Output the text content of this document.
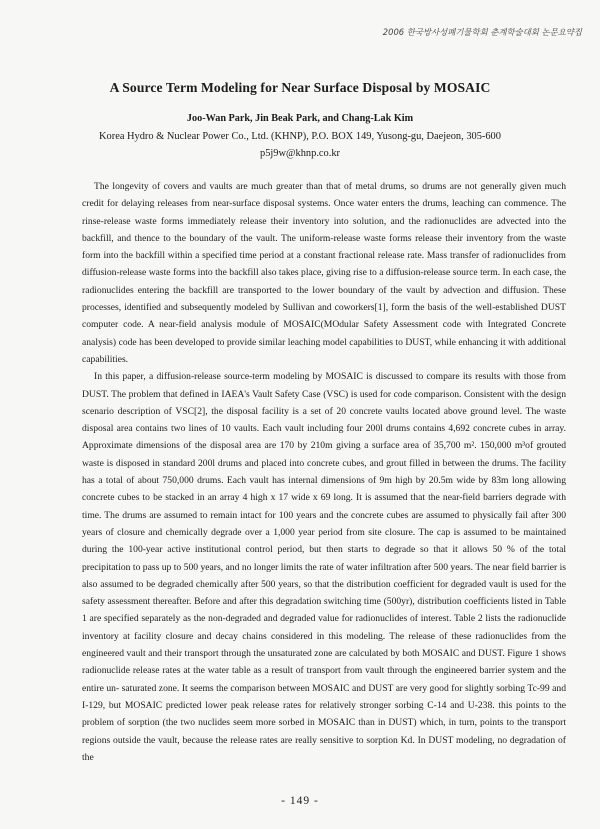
2006 한국방사성폐기물학회 춘계학술대회 논문요약집
A Source Term Modeling for Near Surface Disposal by MOSAIC
Joo-Wan Park, Jin Beak Park, and Chang-Lak Kim
Korea Hydro & Nuclear Power Co., Ltd. (KHNP), P.O. BOX 149, Yusong-gu, Daejeon, 305-600
p5j9w@khnp.co.kr

The longevity of covers and vaults are much greater than that of metal drums, so drums are not generally given much credit for delaying releases from near-surface disposal systems. Once water enters the drums, leaching can commence. The rinse-release waste forms immediately release their inventory into solution, and the radionuclides are advected into the backfill, and thence to the boundary of the vault. The uniform-release waste forms release their inventory from the waste form into the backfill within a specified time period at a constant fractional release rate. Mass transfer of radionuclides from diffusion-release waste forms into the backfill also takes place, giving rise to a diffusion-release source term. In each case, the radionuclides entering the backfill are transported to the lower boundary of the vault by advection and diffusion. These processes, identified and subsequently modeled by Sullivan and coworkers[1], form the basis of the well-established DUST computer code. A near-field analysis module of MOSAIC(MOdular Safety Assessment code with Integrated Concrete analysis) code has been developed to provide similar leaching model capabilities to DUST, while enhancing it with additional capabilities.

In this paper, a diffusion-release source-term modeling by MOSAIC is discussed to compare its results with those from DUST. The problem that defined in IAEA's Vault Safety Case (VSC) is used for code comparison. Consistent with the design scenario description of VSC[2], the disposal facility is a set of 20 concrete vaults located above ground level. The waste disposal area contains two lines of 10 vaults. Each vault including four 200l drums contains 4,692 concrete cubes in array. Approximate dimensions of the disposal area are 170 by 210m giving a surface area of 35,700 m². 150,000 m³of grouted waste is disposed in standard 200l drums and placed into concrete cubes, and grout filled in between the drums. The facility has a total of about 750,000 drums. Each vault has internal dimensions of 9m high by 20.5m wide by 83m long allowing concrete cubes to be stacked in an array 4 high x 17 wide x 69 long. It is assumed that the near-field barriers degrade with time. The drums are assumed to remain intact for 100 years and the concrete cubes are assumed to physically fail after 300 years of closure and chemically degrade over a 1,000 year period from site closure. The cap is assumed to be maintained during the 100-year active institutional control period, but then starts to degrade so that it allows 50 % of the total precipitation to pass up to 500 years, and no longer limits the rate of water infiltration after 500 years. The near field barrier is also assumed to be degraded chemically after 500 years, so that the distribution coefficient for degraded vault is used for the safety assessment thereafter. Before and after this degradation switching time (500yr), distribution coefficients listed in Table 1 are specified separately as the non-degraded and degraded value for radionuclides of interest. Table 2 lists the radionuclide inventory at facility closure and decay chains considered in this modeling. The release of these radionuclides from the engineered vault and their transport through the unsaturated zone are calculated by both MOSAIC and DUST. Figure 1 shows radionuclide release rates at the water table as a result of transport from vault through the engineered barrier system and the entire un- saturated zone. It seems the comparison between MOSAIC and DUST are very good for slightly sorbing Tc-99 and I-129, but MOSAIC predicted lower peak release rates for relatively stronger sorbing C-14 and U-238. this points to the problem of sorption (the two nuclides seem more sorbed in MOSAIC than in DUST) which, in turn, points to the transport regions outside the vault, because the release rates are really sensitive to sorption Kd. In DUST modeling, no degradation of the

- 149 -
